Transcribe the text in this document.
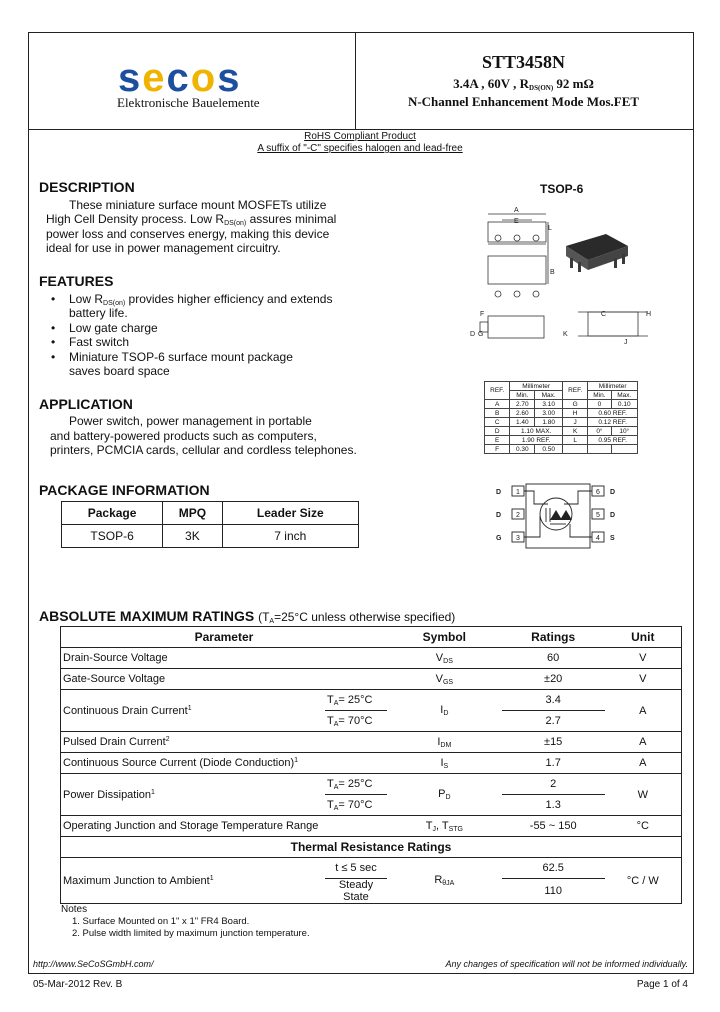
secos
Elektronische Bauelemente
STT3458N
3.4A , 60V , $R_{DS(ON)}$ 92 mΩ
N-Channel Enhancement Mode Mos.FET
RoHS Compliant Product
A suffix of "-C" specifies halogen and lead-free
DESCRIPTION
These miniature surface mount MOSFETs utilize
High Cell Density process. Low $R_{DS(on)}$ assures minimal
power loss and conserves energy, making this device
ideal for use in power management circuitry.
FEATURES
• Low $R_{DS(on)}$ provides higher efficiency and extends
battery life.
• Low gate charge
• Fast switch
• Miniature TSOP-6 surface mount package
saves board space
APPLICATION
Power switch, power management in portable
and battery-powered products such as computers,
printers, PCMCIA cards, cellular and cordless telephones.
PACKAGE INFORMATION
Package	MPQ	Leader Size
TSOP-6	3K	7 inch
TSOP-6
A
E
L
B
F
D G
C	H
K
J
REF.	Millimeter		REF.	Millimeter	
	Min.	Max.		Min.	Max.
A	2.70	3.10	G	0	0.10
B	2.60	3.00	H	0.60 REF.	
C	1.40	1.80	J	0.12 REF.	
D	1.10 MAX.		K	0°	10°
E	1.90 REF.		L	0.95 REF.	
F	0.30	0.50			
D
D
G
D
D
S
1
2
3
6
5
4
ABSOLUTE MAXIMUM RATINGS ($T_A=25^\circ C$ unless otherwise specified)
Parameter		Symbol	Ratings	Unit
Drain-Source Voltage		$V_{DS}$	60	V
Gate-Source Voltage		$V_{GS}$	±20	V
Continuous Drain Current$^1$	$T_A= 25^\circ C$	$I_D$	3.4	A
	$T_A= 70^\circ C$		2.7	
Pulsed Drain Current$^2$		$I_{DM}$	±15	A
Continuous Source Current (Diode Conduction)$^1$		$I_S$	1.7	A
Power Dissipation$^1$	$T_A= 25^\circ C$	$P_D$	2	W
	$T_A= 70^\circ C$		1.3	
Operating Junction and Storage Temperature Range		$T_J$, $T_{STG}$	-55 ~ 150	°C
Thermal Resistance Ratings				
Maximum Junction to Ambient$^1$	t ≤ 5 sec	$R_{\theta JA}$	62.5	°C / W
	Steady State		110	
Notes
1. Surface Mounted on 1" x 1" FR4 Board.
2. Pulse width limited by maximum junction temperature.
http://www.SeCoSGmbH.com/	Any changes of specification will not be informed individually.
05-Mar-2012 Rev. B	Page 1 of 4
